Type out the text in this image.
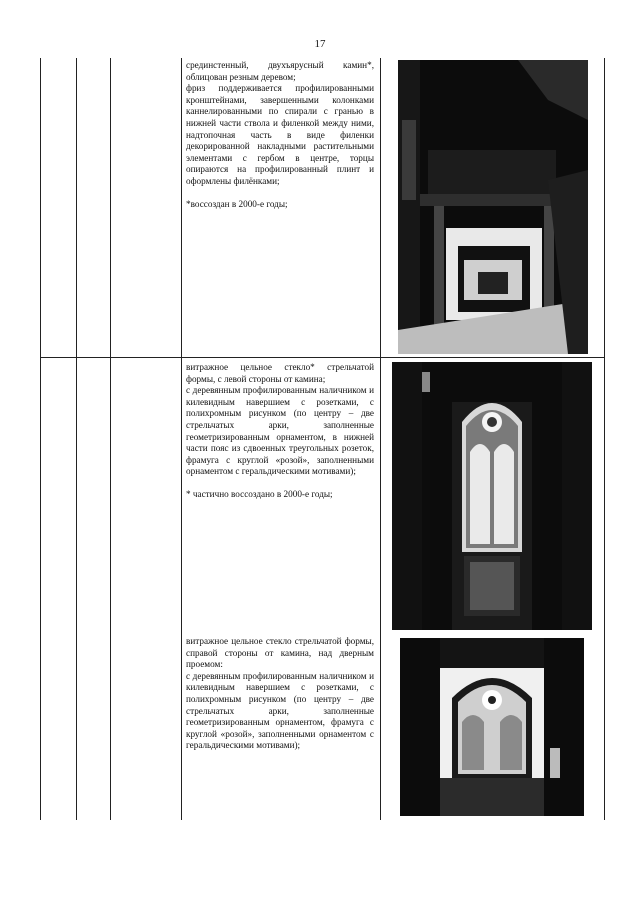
17

срединстенный, двухъярусный камин*, облицован резным деревом;

фриз поддерживается профилированными кронштейнами, завершенными колонками каннелированными по спирали с гранью в нижней части ствола и филенкой между ними, надтопочная часть в виде филенки декорированной накладными растительными элементами с гербом в центре, торцы опираются на профилированный плинт и оформлены филёнками;

*воссоздан в 2000-е годы;

витражное цельное стекло* стрельчатой формы, с левой стороны от камина;

с деревянным профилированным наличником и килевидным навершием с розетками, с полихромным рисунком (по центру – две стрельчатых арки, заполненные геометризированным орнаментом, в нижней части пояс из сдвоенных треугольных розеток, фрамуга с круглой «розой», заполненными орнаментом с геральдическими мотивами);

* частично воссоздано в 2000-е годы;

витражное цельное стекло стрельчатой формы, справой стороны от камина, над дверным проемом:

с деревянным профилированным наличником и килевидным навершием с розетками, с полихромным рисунком (по центру – две стрельчатых арки, заполненные геометризированным орнаментом, фрамуга с круглой «розой», заполненными орнаментом с геральдическими мотивами);
